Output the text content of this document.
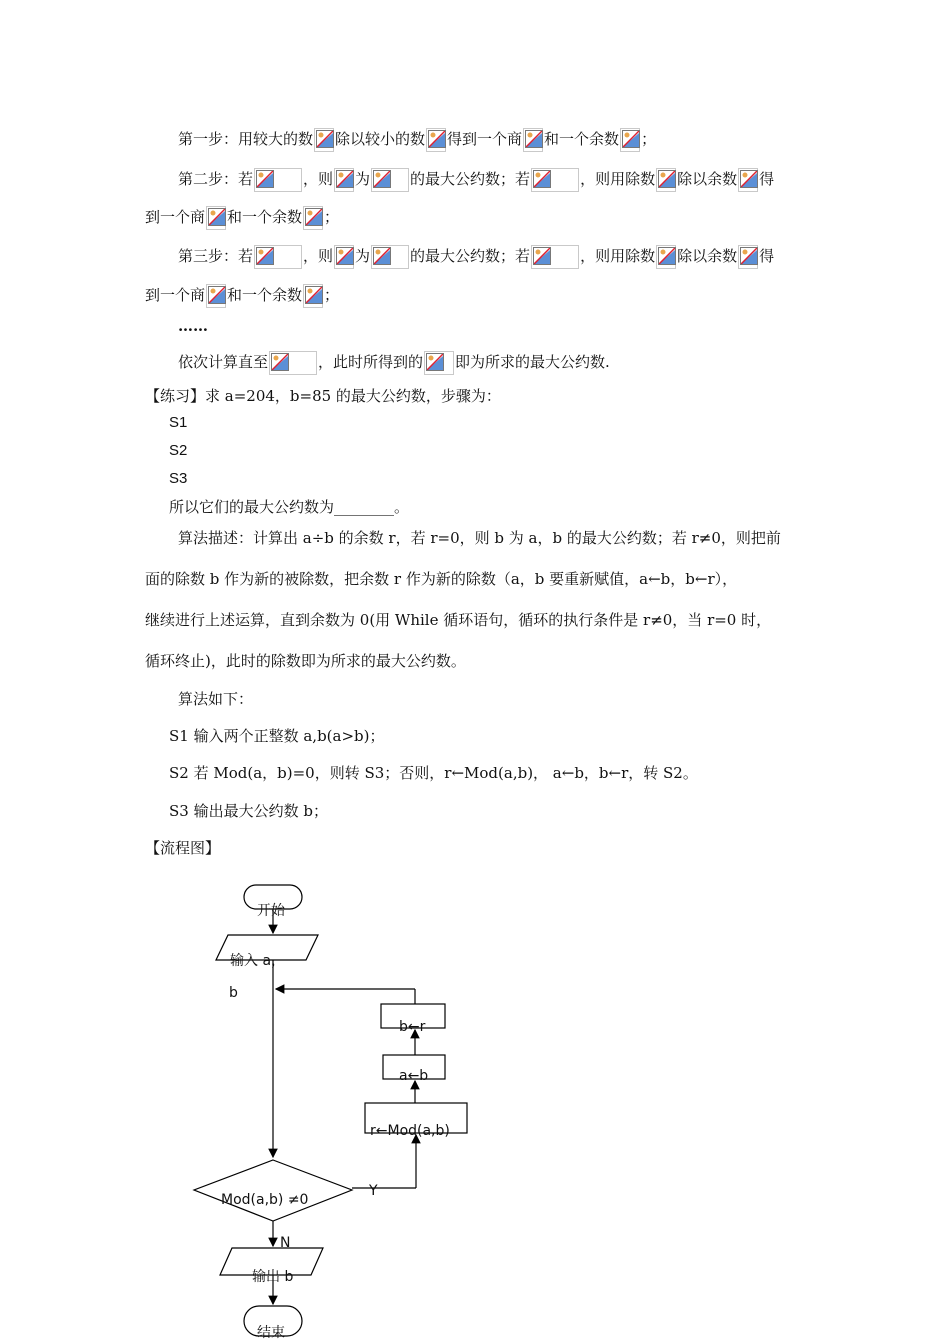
第一步：用较大的数 除以较小的数 得到一个商 和一个余数 ；
第二步：若	，则 为	的最大公约数；若	，则用除数 除以余数 得
到一个商 和一个余数 ；
第三步：若	，则 为	的最大公约数；若	，则用除数 除以余数 得
到一个商 和一个余数 ；
……
依次计算直至	，此时所得到的 即为所求的最大公约数.
【练习】求 a=204，b=85 的最大公约数，步骤为：
S1
S2
S3
所以它们的最大公约数为________。
算法描述：计算出 a÷b 的余数 r，若 r=0，则 b 为 a，b 的最大公约数；若 r≠0，则把前
面的除数 b 作为新的被除数，把余数 r 作为新的除数（a，b 要重新赋值，a←b，b←r），
继续进行上述运算，直到余数为 0(用 While 循环语句，循环的执行条件是 r≠0，当 r=0 时，
循环终止)，此时的除数即为所求的最大公约数。
算法如下：
S1 输入两个正整数 a,b(a>b)；
S2 若 Mod(a，b)=0，则转 S3；否则，r←Mod(a,b)， a←b，b←r，转 S2。
S3 输出最大公约数 b；
【流程图】
开始
输入 a，
b
b←r
a←b
r←Mod(a,b)
Mod(a,b) ≠0
Y
N
输出 b
结束
